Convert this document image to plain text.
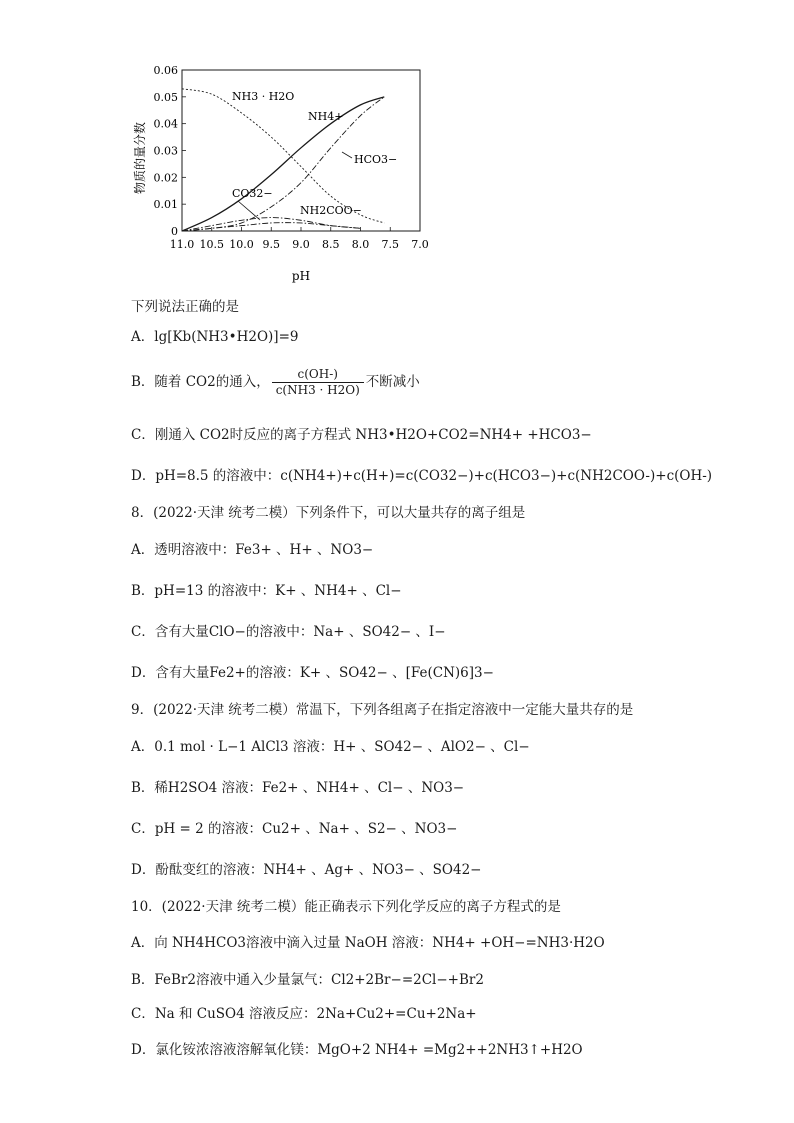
0.06
0.05
0.04
0.03
0.02
0.01
0
11.0 10.5 10.0 9.5 9.0 8.5 8.0 7.5 7.0
物质的量分数
pH
NH3 · H2O
NH4+
HCO3−
CO32−
NH2COO−
下列说法正确的是
A．lg[Kb(NH3•H2O)]=9
B．随着 CO2的通入， $\frac{c(OH-)}{c(NH3 \cdot H2O)}$ 不断减小
C．刚通入 CO2时反应的离子方程式 NH3•H2O+CO2=NH4+ +HCO3−
D．pH=8.5 的溶液中：c(NH4+)+c(H+)=c(CO32−)+c(HCO3−)+c(NH2COO-)+c(OH-)
8．(2022·天津 统考二模）下列条件下，可以大量共存的离子组是
A．透明溶液中：Fe3+ 、H+ 、NO3−
B．pH=13 的溶液中：K+ 、NH4+ 、Cl−
C．含有大量ClO−的溶液中：Na+ 、SO42− 、I−
D．含有大量Fe2+的溶液：K+ 、SO42− 、[Fe(CN)6]3−
9．(2022·天津 统考二模）常温下，下列各组离子在指定溶液中一定能大量共存的是
A．0.1 mol · L−1 AlCl3 溶液：H+ 、SO42− 、AlO2− 、Cl−
B．稀H2SO4 溶液：Fe2+ 、NH4+ 、Cl− 、NO3−
C．pH = 2 的溶液：Cu2+ 、Na+ 、S2− 、NO3−
D．酚酞变红的溶液：NH4+ 、Ag+ 、NO3− 、SO42−
10．(2022·天津 统考二模）能正确表示下列化学反应的离子方程式的是
A．向 NH4HCO3溶液中滴入过量 NaOH 溶液：NH4+ +OH−=NH3·H2O
B．FeBr2溶液中通入少量氯气：Cl2+2Br−=2Cl−+Br2
C．Na 和 CuSO4 溶液反应：2Na+Cu2+=Cu+2Na+
D．氯化铵浓溶液溶解氧化镁：MgO+2 NH4+ =Mg2++2NH3↑+H2O
